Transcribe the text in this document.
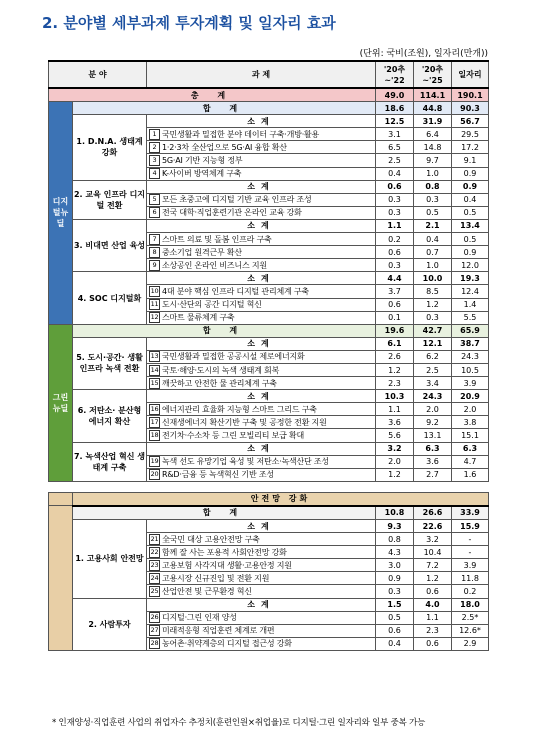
2. 분야별 세부과제 투자계획 및 일자리 효과
(단위: 국비(조원), 일자리(만개))
분 야		과 제	'20추~'22	'20추~'25	일자리
총 계			49.0	114.1	190.1
디지털뉴딜	합 계		18.6	44.8	90.3
	1. D.N.A. 생태계 강화	소계	12.5	31.9	56.7
		1 국민생활과 밀접한 분야 데이터 구축·개방·활용	3.1	6.4	29.5
		2 1·2·3차 全산업으로 5G·AI 융합 확산	6.5	14.8	17.2
		3 5G·AI 기반 지능형 정부	2.5	9.7	9.1
		4 K-사이버 방역체계 구축	0.4	1.0	0.9
	2. 교육 인프라 디지털 전환	소계	0.6	0.8	0.9
		5 모든 초중고에 디지털 기반 교육 인프라 조성	0.3	0.3	0.4
		6 전국 대학·직업훈련기관 온라인 교육 강화	0.3	0.5	0.5
	3. 비대면 산업 육성	소계	1.1	2.1	13.4
		7 스마트 의료 및 돌봄 인프라 구축	0.2	0.4	0.5
		8 중소기업 원격근무 확산	0.6	0.7	0.9
		9 소상공인 온라인 비즈니스 지원	0.3	1.0	12.0
	4. SOC 디지털화	소계	4.4	10.0	19.3
		10 4대 분야 핵심 인프라 디지털 관리체계 구축	3.7	8.5	12.4
		11 도시·산단의 공간 디지털 혁신	0.6	1.2	1.4
		12 스마트 물류체계 구축	0.1	0.3	5.5
그린뉴딜	합 계		19.6	42.7	65.9
	5. 도시·공간· 생활 인프라 녹색 전환	소계	6.1	12.1	38.7
		13 국민생활과 밀접한 공공시설 제로에너지화	2.6	6.2	24.3
		14 국토·해양·도시의 녹색 생태계 회복	1.2	2.5	10.5
		15 깨끗하고 안전한 물 관리체계 구축	2.3	3.4	3.9
	6. 저탄소· 분산형 에너지 확산	소계	10.3	24.3	20.9
		16 에너지관리 효율화 지능형 스마트 그리드 구축	1.1	2.0	2.0
		17 신재생에너지 확산기반 구축 및 공정한 전환 지원	3.6	9.2	3.8
		18 전기차·수소차 등 그린 모빌리티 보급 확대	5.6	13.1	15.1
	7. 녹색산업 혁신 생태계 구축	소계	3.2	6.3	6.3
		19 녹색 선도 유망기업 육성 및 저탄소·녹색산단 조성	2.0	3.6	4.7
		20 R&D·금융 등 녹색혁신 기반 조성	1.2	2.7	1.6

	안전망 강화				
	합 계		10.8	26.6	33.9
	1. 고용사회 안전망	소계	9.3	22.6	15.9
		21 全국민 대상 고용안전망 구축	0.8	3.2	-
		22 함께 잘 사는 포용적 사회안전망 강화	4.3	10.4	-
		23 고용보험 사각지대 생활·고용안정 지원	3.0	7.2	3.9
		24 고용시장 신규진입 및 전환 지원	0.9	1.2	11.8
		25 산업안전 및 근무환경 혁신	0.3	0.6	0.2
	2. 사람투자	소계	1.5	4.0	18.0
		26 디지털·그린 인재 양성	0.5	1.1	2.5*
		27 미래적응형 직업훈련 체계로 개편	0.6	2.3	12.6*
		28 농어촌·취약계층의 디지털 접근성 강화	0.4	0.6	2.9
* 인재양성·직업훈련 사업의 취업자수 추정치(훈련인원×취업율)로 디지털·그린 일자리와 일부 중복 가능
